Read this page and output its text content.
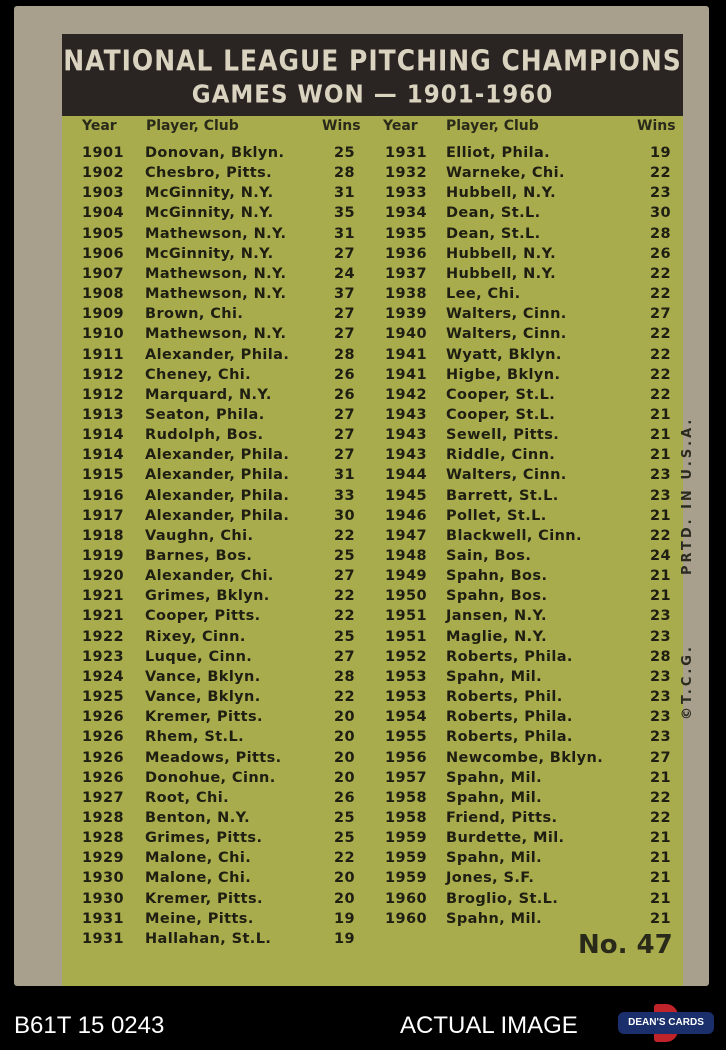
NATIONAL LEAGUE PITCHING CHAMPIONS
GAMES WON — 1901-1960
Year Player, Club	Wins Year Player, Club	Wins
1901 Donovan, Bklyn.	25
1902 Chesbro, Pitts.	28
1903 McGinnity, N.Y.	31
1904 McGinnity, N.Y.	35
1905 Mathewson, N.Y.	31
1906 McGinnity, N.Y.	27
1907 Mathewson, N.Y.	24
1908 Mathewson, N.Y.	37
1909 Brown, Chi.	27
1910 Mathewson, N.Y.	27
1911 Alexander, Phila.	28
1912 Cheney, Chi.	26
1912 Marquard, N.Y.	26
1913 Seaton, Phila.	27
1914 Rudolph, Bos.	27
1914 Alexander, Phila.	27
1915 Alexander, Phila.	31
1916 Alexander, Phila.	33
1917 Alexander, Phila.	30
1918 Vaughn, Chi.	22
1919 Barnes, Bos.	25
1920 Alexander, Chi.	27
1921 Grimes, Bklyn.	22
1921 Cooper, Pitts.	22
1922 Rixey, Cinn.	25
1923 Luque, Cinn.	27
1924 Vance, Bklyn.	28
1925 Vance, Bklyn.	22
1926 Kremer, Pitts.	20
1926 Rhem, St.L.	20
1926 Meadows, Pitts.	20
1926 Donohue, Cinn.	20
1927 Root, Chi.	26
1928 Benton, N.Y.	25
1928 Grimes, Pitts.	25
1929 Malone, Chi.	22
1930 Malone, Chi.	20
1930 Kremer, Pitts.	20
1931 Meine, Pitts.	19
1931 Hallahan, St.L.	19
1931 Elliot, Phila.	19
1932 Warneke, Chi.	22
1933 Hubbell, N.Y.	23
1934 Dean, St.L.	30
1935 Dean, St.L.	28
1936 Hubbell, N.Y.	26
1937 Hubbell, N.Y.	22
1938 Lee, Chi.	22
1939 Walters, Cinn.	27
1940 Walters, Cinn.	22
1941 Wyatt, Bklyn.	22
1941 Higbe, Bklyn.	22
1942 Cooper, St.L.	22
1943 Cooper, St.L.	21
1943 Sewell, Pitts.	21
1943 Riddle, Cinn.	21
1944 Walters, Cinn.	23
1945 Barrett, St.L.	23
1946 Pollet, St.L.	21
1947 Blackwell, Cinn.	22
1948 Sain, Bos.	24
1949 Spahn, Bos.	21
1950 Spahn, Bos.	21
1951 Jansen, N.Y.	23
1951 Maglie, N.Y.	23
1952 Roberts, Phila.	28
1953 Spahn, Mil.	23
1953 Roberts, Phil.	23
1954 Roberts, Phila.	23
1955 Roberts, Phila.	23
1956 Newcombe, Bklyn.	27
1957 Spahn, Mil.	21
1958 Spahn, Mil.	22
1958 Friend, Pitts.	22
1959 Burdette, Mil.	21
1959 Spahn, Mil.	21
1959 Jones, S.F.	21
1960 Broglio, St.L.	21
1960 Spahn, Mil.	21
PRTD. IN U.S.A.
©T.C.G.
No. 47
B61T 15 0243	ACTUAL IMAGE	DEAN'S CARDS
